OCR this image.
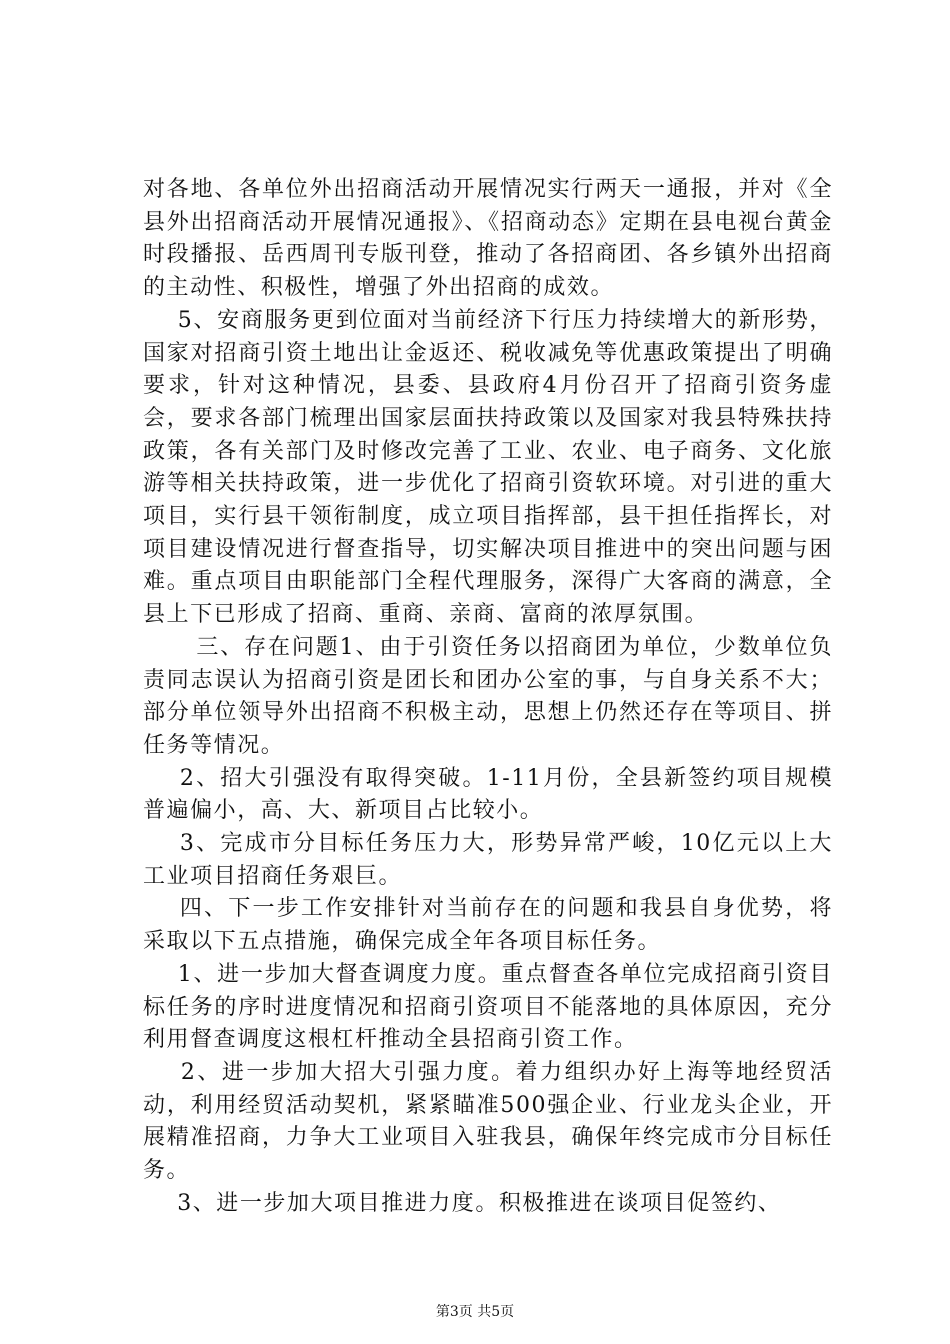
对各地、各单位外出招商活动开展情况实行两天一通报，并对《全县外出招商活动开展情况通报》、《招商动态》定期在县电视台黄金时段播报、岳西周刊专版刊登，推动了各招商团、各乡镇外出招商的主动性、积极性，增强了外出招商的成效。

5、安商服务更到位面对当前经济下行压力持续增大的新形势，国家对招商引资土地出让金返还、税收减免等优惠政策提出了明确要求，针对这种情况，县委、县政府4月份召开了招商引资务虚会，要求各部门梳理出国家层面扶持政策以及国家对我县特殊扶持政策，各有关部门及时修改完善了工业、农业、电子商务、文化旅游等相关扶持政策，进一步优化了招商引资软环境。对引进的重大项目，实行县干领衔制度，成立项目指挥部，县干担任指挥长，对项目建设情况进行督查指导，切实解决项目推进中的突出问题与困难。重点项目由职能部门全程代理服务，深得广大客商的满意，全县上下已形成了招商、重商、亲商、富商的浓厚氛围。

三、存在问题1、由于引资任务以招商团为单位，少数单位负责同志误认为招商引资是团长和团办公室的事，与自身关系不大；部分单位领导外出招商不积极主动，思想上仍然还存在等项目、拼任务等情况。

2、招大引强没有取得突破。1-11月份，全县新签约项目规模普遍偏小，高、大、新项目占比较小。

3、完成市分目标任务压力大，形势异常严峻，10亿元以上大工业项目招商任务艰巨。

四、下一步工作安排针对当前存在的问题和我县自身优势，将采取以下五点措施，确保完成全年各项目标任务。

1、进一步加大督查调度力度。重点督查各单位完成招商引资目标任务的序时进度情况和招商引资项目不能落地的具体原因，充分利用督查调度这根杠杆推动全县招商引资工作。

2、进一步加大招大引强力度。着力组织办好上海等地经贸活动，利用经贸活动契机，紧紧瞄准500强企业、行业龙头企业，开展精准招商，力争大工业项目入驻我县，确保年终完成市分目标任务。

3、进一步加大项目推进力度。积极推进在谈项目促签约、

第3页 共5页
